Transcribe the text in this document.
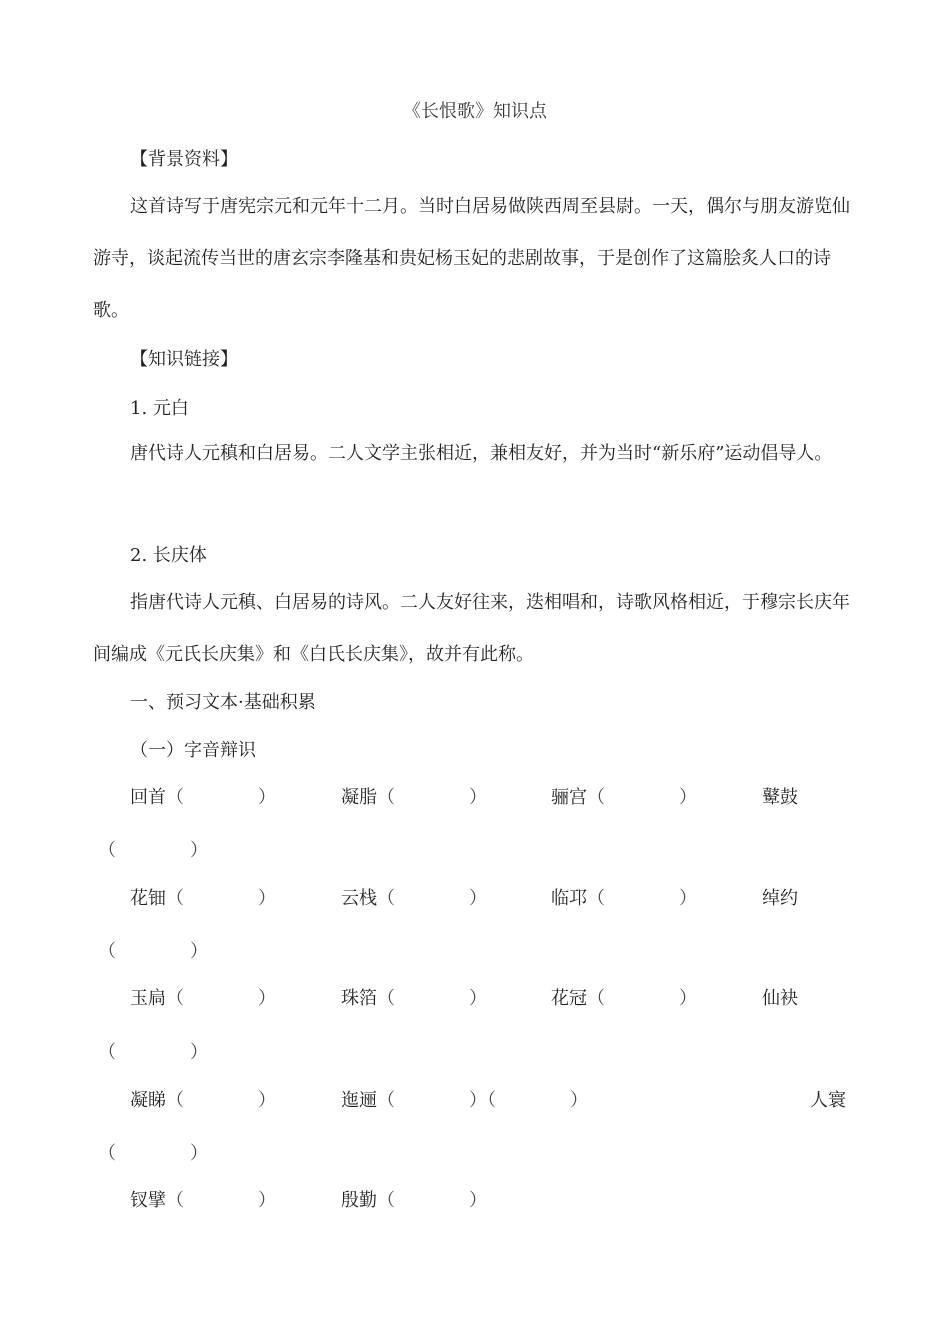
《长恨歌》知识点
【背景资料】
这首诗写于唐宪宗元和元年十二月。当时白居易做陕西周至县尉。一天，偶尔与朋友游览仙游寺，谈起流传当世的唐玄宗李隆基和贵妃杨玉妃的悲剧故事，于是创作了这篇脍炙人口的诗歌。
【知识链接】
1. 元白
唐代诗人元稹和白居易。二人文学主张相近，兼相友好，并为当时“新乐府”运动倡导人。
2. 长庆体
指唐代诗人元稹、白居易的诗风。二人友好往来，迭相唱和，诗歌风格相近，于穆宗长庆年间编成《元氏长庆集》和《白氏长庆集》，故并有此称。
一、预习文本·基础积累
（一）字音辩识
回首（	）	凝脂（	）	骊宫（	）	鼙鼓
（	）
花钿（	）	云栈（	）	临邛（	）	绰约
（	）
玉扃（	）	珠箔（	）	花冠（	）	仙袂
（	）
凝睇（	）	迤逦（	）（	）	人寰
（	）
钗擘（	）	殷勤（	）
